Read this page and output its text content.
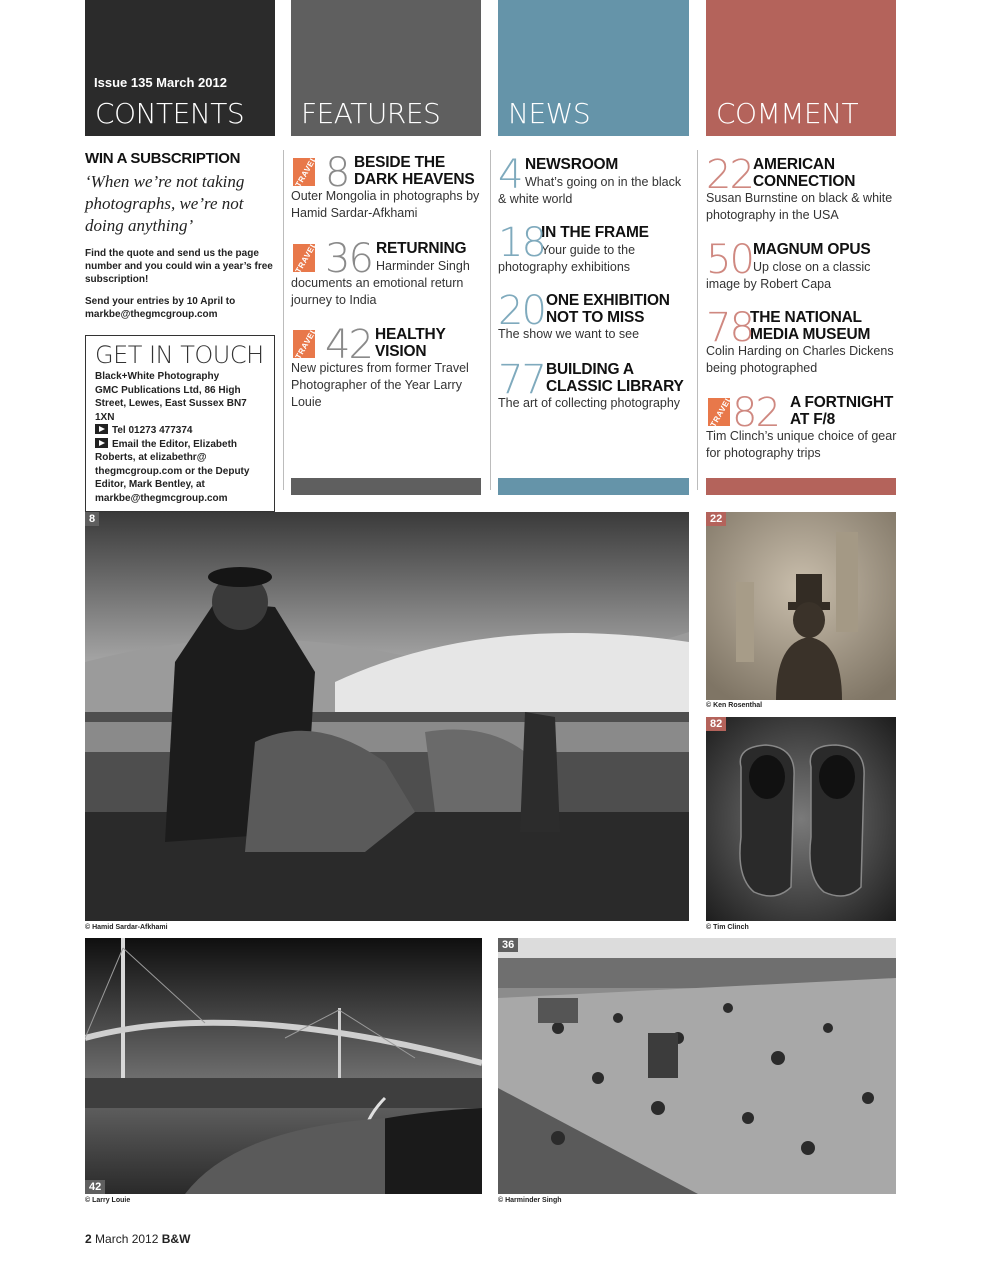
Issue 135 March 2012
CONTENTS FEATURES NEWS	COMMENT
WIN A SUBSCRIPTION
‘When we’re not taking photographs, we’re not doing anything’
Find the quote and send us the page number and you could win a year’s free subscription!
Send your entries by 10 April to markbe@thegmcgroup.com
GET IN TOUCH
Black+White Photography
GMC Publications Ltd, 86 High Street, Lewes, East Sussex BN7 1XN
Tel 01273 477374
Email the Editor, Elizabeth Roberts, at elizabethr@ thegmcgroup.com or the Deputy Editor, Mark Bentley, at markbe@thegmcgroup.com
TRAVEL 8 BESIDE THE DARK HEAVENS
Outer Mongolia in photographs by Hamid Sardar-Afkhami
TRAVEL 36 RETURNING
Harminder Singh
documents an emotional return journey to India
TRAVEL 42 HEALTHY VISION
New pictures from former Travel Photographer of the Year Larry Louie
4 NEWSROOM
What’s going on in the black
& white world
18
IN THE FRAME
Your guide to the
photography exhibitions
20 ONE EXHIBITION NOT TO MISS
The show we want to see
77 BUILDING A CLASSIC LIBRARY
The art of collecting photography
22 AMERICAN CONNECTION
Susan Burnstine on black & white photography in the USA
50 MAGNUM OPUS
Up close on a classic
image by Robert Capa
78
THE NATIONAL MEDIA MUSEUM
Colin Harding on Charles Dickens being photographed
TRAVEL
82 A FORTNIGHT AT F/8
Tim Clinch’s unique choice of gear for photography trips
8
© Hamid Sardar-Afkhami
22
© Ken Rosenthal
82
© Tim Clinch
42
© Larry Louie
36
© Harminder Singh
2 March 2012 B&W
